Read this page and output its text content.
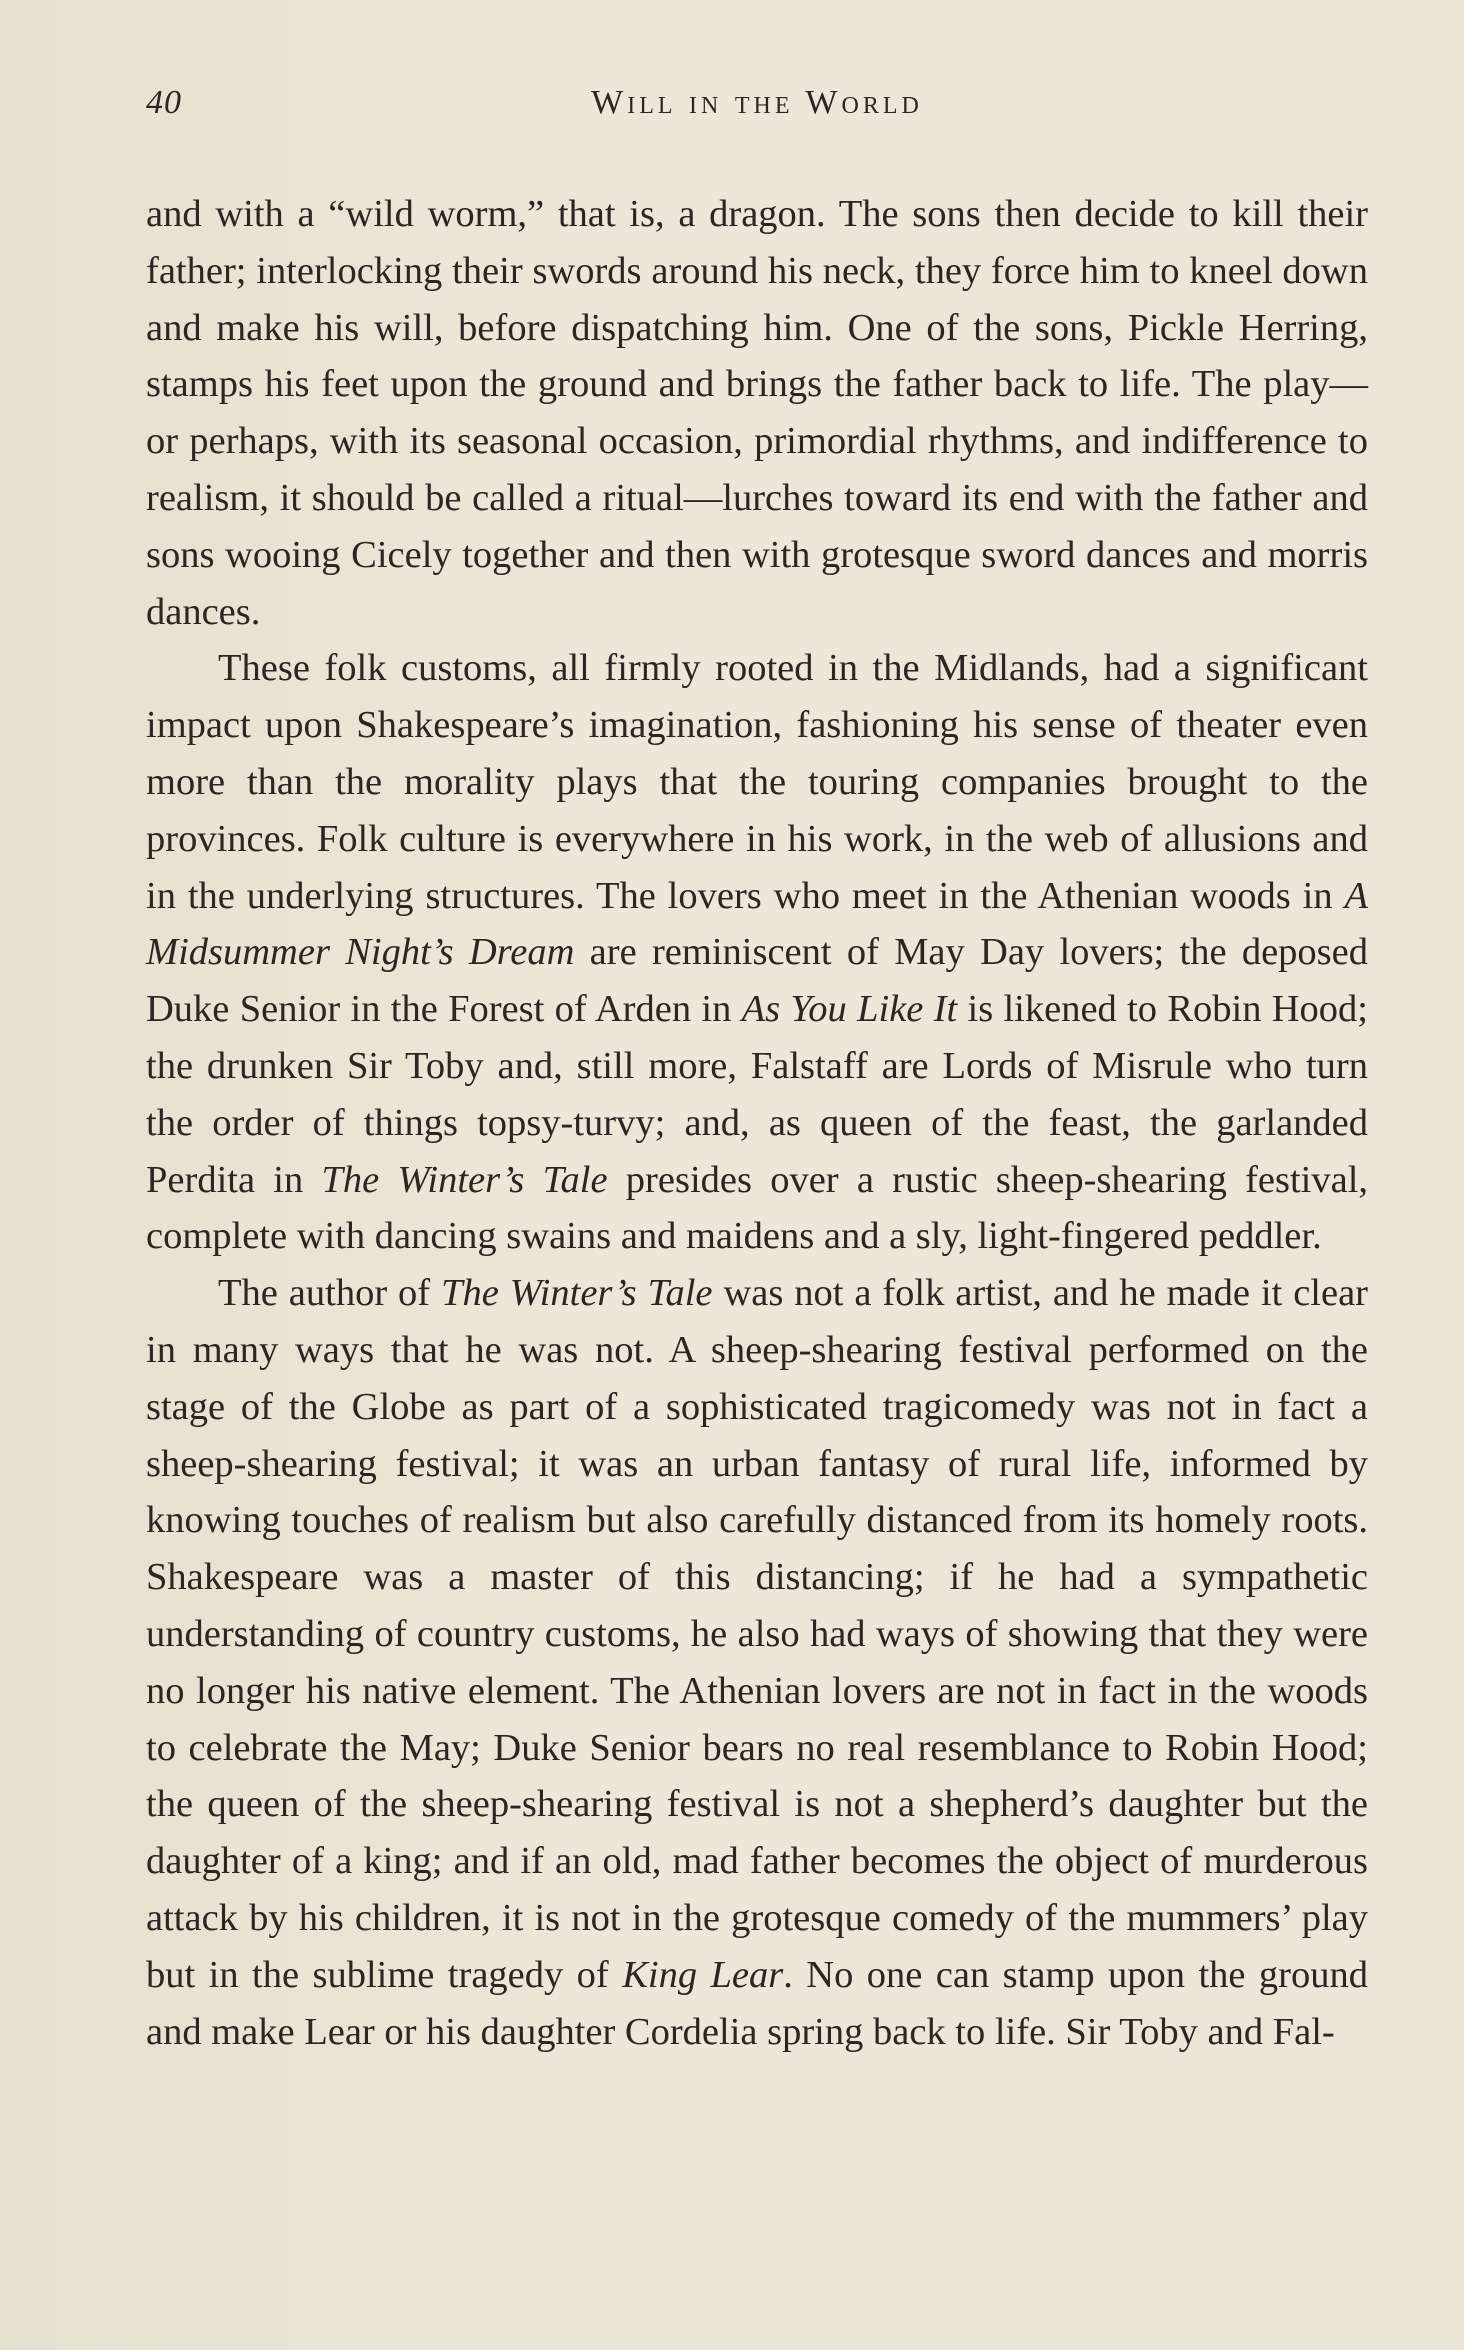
40	Will in the World

and with a “wild worm,” that is, a dragon. The sons then decide to kill their father; interlocking their swords around his neck, they force him to kneel down and make his will, before dispatching him. One of the sons, Pickle Herring, stamps his feet upon the ground and brings the father back to life. The play—or perhaps, with its seasonal occasion, primordial rhythms, and indifference to realism, it should be called a ritual—lurches toward its end with the father and sons wooing Cicely together and then with grotesque sword dances and morris dances.

These folk customs, all firmly rooted in the Midlands, had a significant impact upon Shakespeare’s imagination, fashioning his sense of theater even more than the morality plays that the touring companies brought to the provinces. Folk culture is everywhere in his work, in the web of allusions and in the underlying structures. The lovers who meet in the Athenian woods in A Midsummer Night’s Dream are reminiscent of May Day lovers; the deposed Duke Senior in the Forest of Arden in As You Like It is likened to Robin Hood; the drunken Sir Toby and, still more, Falstaff are Lords of Misrule who turn the order of things topsy-turvy; and, as queen of the feast, the garlanded Perdita in The Winter’s Tale presides over a rustic sheep-shearing festival, complete with dancing swains and maidens and a sly, light-fingered peddler.

The author of The Winter’s Tale was not a folk artist, and he made it clear in many ways that he was not. A sheep-shearing festival performed on the stage of the Globe as part of a sophisticated tragicomedy was not in fact a sheep-shearing festival; it was an urban fantasy of rural life, informed by knowing touches of realism but also carefully distanced from its homely roots. Shakespeare was a master of this distancing; if he had a sympathetic understanding of country customs, he also had ways of showing that they were no longer his native element. The Athenian lovers are not in fact in the woods to celebrate the May; Duke Senior bears no real resemblance to Robin Hood; the queen of the sheep-shearing festival is not a shepherd’s daughter but the daughter of a king; and if an old, mad father becomes the object of murderous attack by his children, it is not in the grotesque comedy of the mummers’ play but in the sublime tragedy of King Lear. No one can stamp upon the ground and make Lear or his daughter Cordelia spring back to life. Sir Toby and Fal-
